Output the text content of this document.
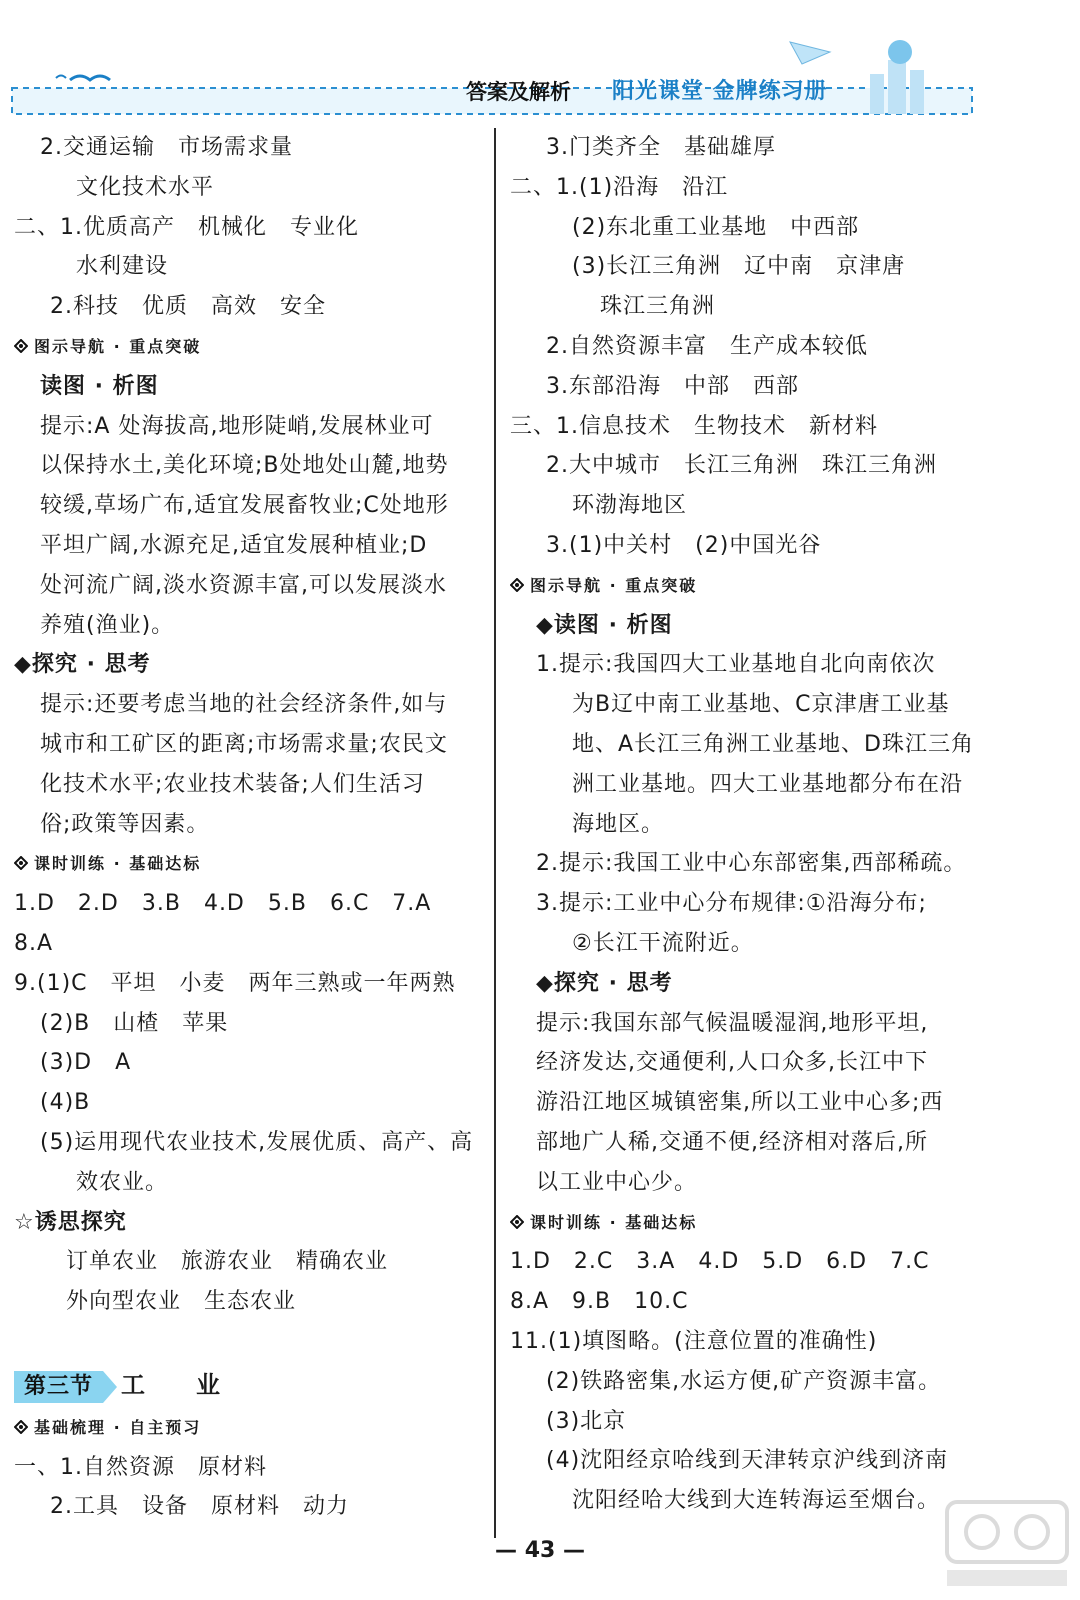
答案及解析 阳光课堂 金牌练习册
2.交通运输　市场需求量
文化技术水平
二、1.优质高产　机械化　专业化
水利建设
2.科技　优质　高效　安全
图示导航 · 重点突破
读图 · 析图
提示:A 处海拔高,地形陡峭,发展林业可
以保持水土,美化环境;B处地处山麓,地势
较缓,草场广布,适宜发展畜牧业;C处地形
平坦广阔,水源充足,适宜发展种植业;D
处河流广阔,淡水资源丰富,可以发展淡水
养殖(渔业)。
◆探究 · 思考
提示:还要考虑当地的社会经济条件,如与
城市和工矿区的距离;市场需求量;农民文
化技术水平;农业技术装备;人们生活习
俗;政策等因素。
课时训练 · 基础达标
1.D　2.D　3.B　4.D　5.B　6.C　7.A
8.A
9.(1)C　平坦　小麦　两年三熟或一年两熟
(2)B　山楂　苹果
(3)D　A
(4)B
(5)运用现代农业技术,发展优质、高产、高
效农业。
☆诱思探究
订单农业　旅游农业　精确农业
外向型农业　生态农业
第三节 工　　业
基础梳理 · 自主预习
一、1.自然资源　原材料
2.工具　设备　原材料　动力
3.门类齐全　基础雄厚
二、1.(1)沿海　沿江
(2)东北重工业基地　中西部
(3)长江三角洲　辽中南　京津唐
珠江三角洲
2.自然资源丰富　生产成本较低
3.东部沿海　中部　西部
三、1.信息技术　生物技术　新材料
2.大中城市　长江三角洲　珠江三角洲
环渤海地区
3.(1)中关村　(2)中国光谷
图示导航 · 重点突破
◆读图 · 析图
1.提示:我国四大工业基地自北向南依次
为B辽中南工业基地、C京津唐工业基
地、A长江三角洲工业基地、D珠江三角
洲工业基地。四大工业基地都分布在沿
海地区。
2.提示:我国工业中心东部密集,西部稀疏。
3.提示:工业中心分布规律:①沿海分布;
②长江干流附近。
◆探究 · 思考
提示:我国东部气候温暖湿润,地形平坦,
经济发达,交通便利,人口众多,长江中下
游沿江地区城镇密集,所以工业中心多;西
部地广人稀,交通不便,经济相对落后,所
以工业中心少。
课时训练 · 基础达标
1.D　2.C　3.A　4.D　5.D　6.D　7.C
8.A　9.B　10.C
11.(1)填图略。(注意位置的准确性)
(2)铁路密集,水运方便,矿产资源丰富。
(3)北京
(4)沈阳经京哈线到天津转京沪线到济南
沈阳经哈大线到大连转海运至烟台。
— 43 —
